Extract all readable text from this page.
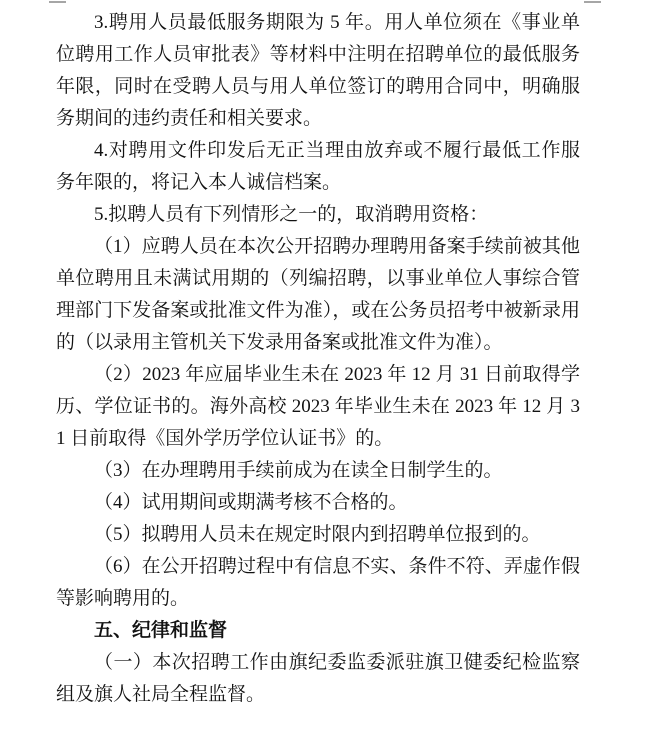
3.聘用人员最低服务期限为 5 年。用人单位须在《事业单位聘用工作人员审批表》等材料中注明在招聘单位的最低服务年限，同时在受聘人员与用人单位签订的聘用合同中，明确服务期间的违约责任和相关要求。

4.对聘用文件印发后无正当理由放弃或不履行最低工作服务年限的，将记入本人诚信档案。

5.拟聘人员有下列情形之一的，取消聘用资格：

（1）应聘人员在本次公开招聘办理聘用备案手续前被其他单位聘用且未满试用期的（列编招聘，以事业单位人事综合管理部门下发备案或批准文件为准），或在公务员招考中被新录用的（以录用主管机关下发录用备案或批准文件为准）。

（2）2023 年应届毕业生未在 2023 年 12 月 31 日前取得学历、学位证书的。海外高校 2023 年毕业生未在 2023 年 12 月 31 日前取得《国外学历学位认证书》的。

（3）在办理聘用手续前成为在读全日制学生的。

（4）试用期间或期满考核不合格的。

（5）拟聘用人员未在规定时限内到招聘单位报到的。

（6）在公开招聘过程中有信息不实、条件不符、弄虚作假等影响聘用的。

五、纪律和监督

（一）本次招聘工作由旗纪委监委派驻旗卫健委纪检监察组及旗人社局全程监督。
